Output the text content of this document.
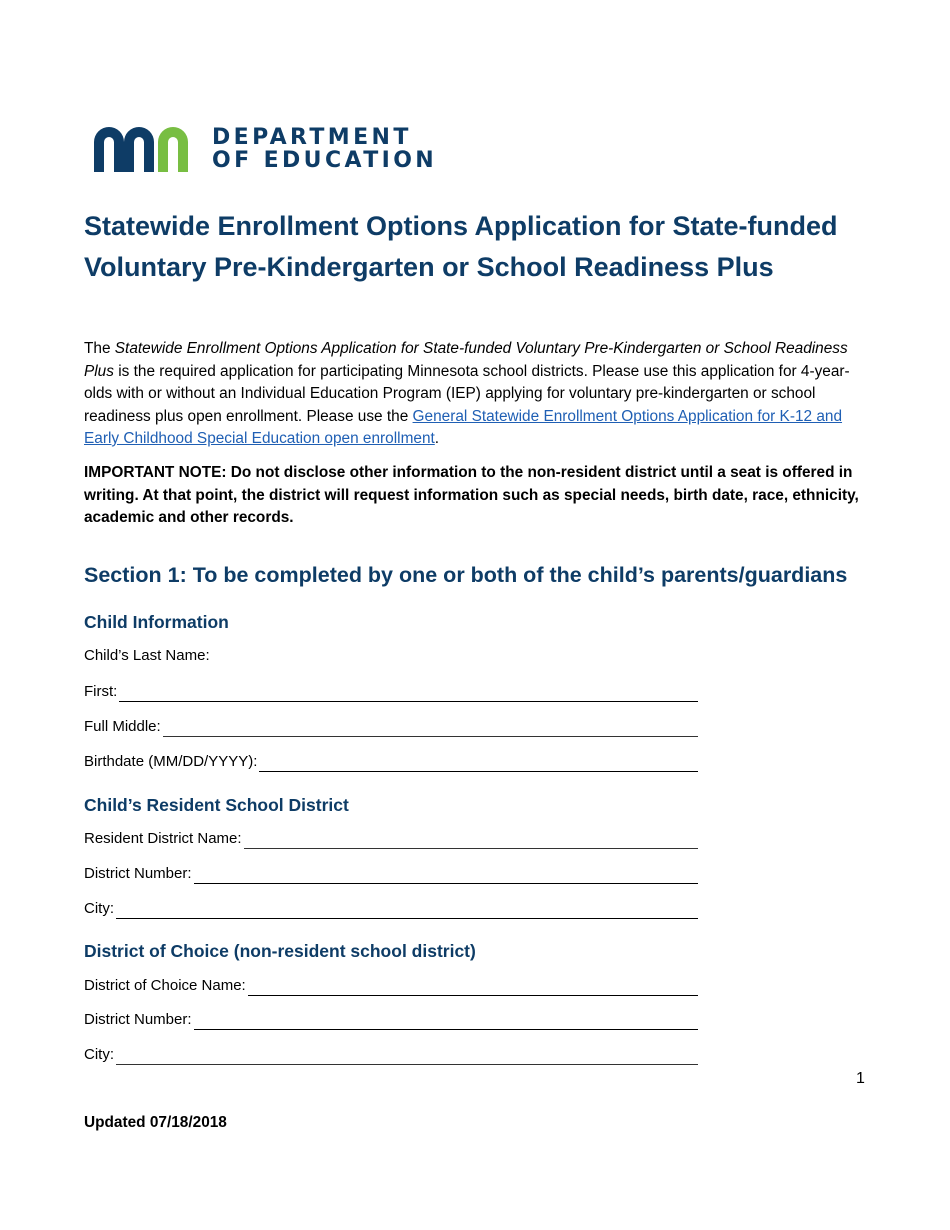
DEPARTMENT
OF EDUCATION
Statewide Enrollment Options Application for State-funded Voluntary Pre-Kindergarten or School Readiness Plus

The Statewide Enrollment Options Application for State-funded Voluntary Pre-Kindergarten or School Readiness Plus is the required application for participating Minnesota school districts. Please use this application for 4-year-olds with or without an Individual Education Program (IEP) applying for voluntary pre-kindergarten or school readiness plus open enrollment. Please use the General Statewide Enrollment Options Application for K-12 and Early Childhood Special Education open enrollment.

IMPORTANT NOTE: Do not disclose other information to the non-resident district until a seat is offered in writing. At that point, the district will request information such as special needs, birth date, race, ethnicity, academic and other records.

Section 1: To be completed by one or both of the child’s parents/guardians
Child Information
Child’s Last Name:
First:
Full Middle:
Birthdate (MM/DD/YYYY):
Child’s Resident School District
Resident District Name:
District Number:
City:
District of Choice (non-resident school district)
District of Choice Name:
District Number:
City:
1
Updated 07/18/2018
